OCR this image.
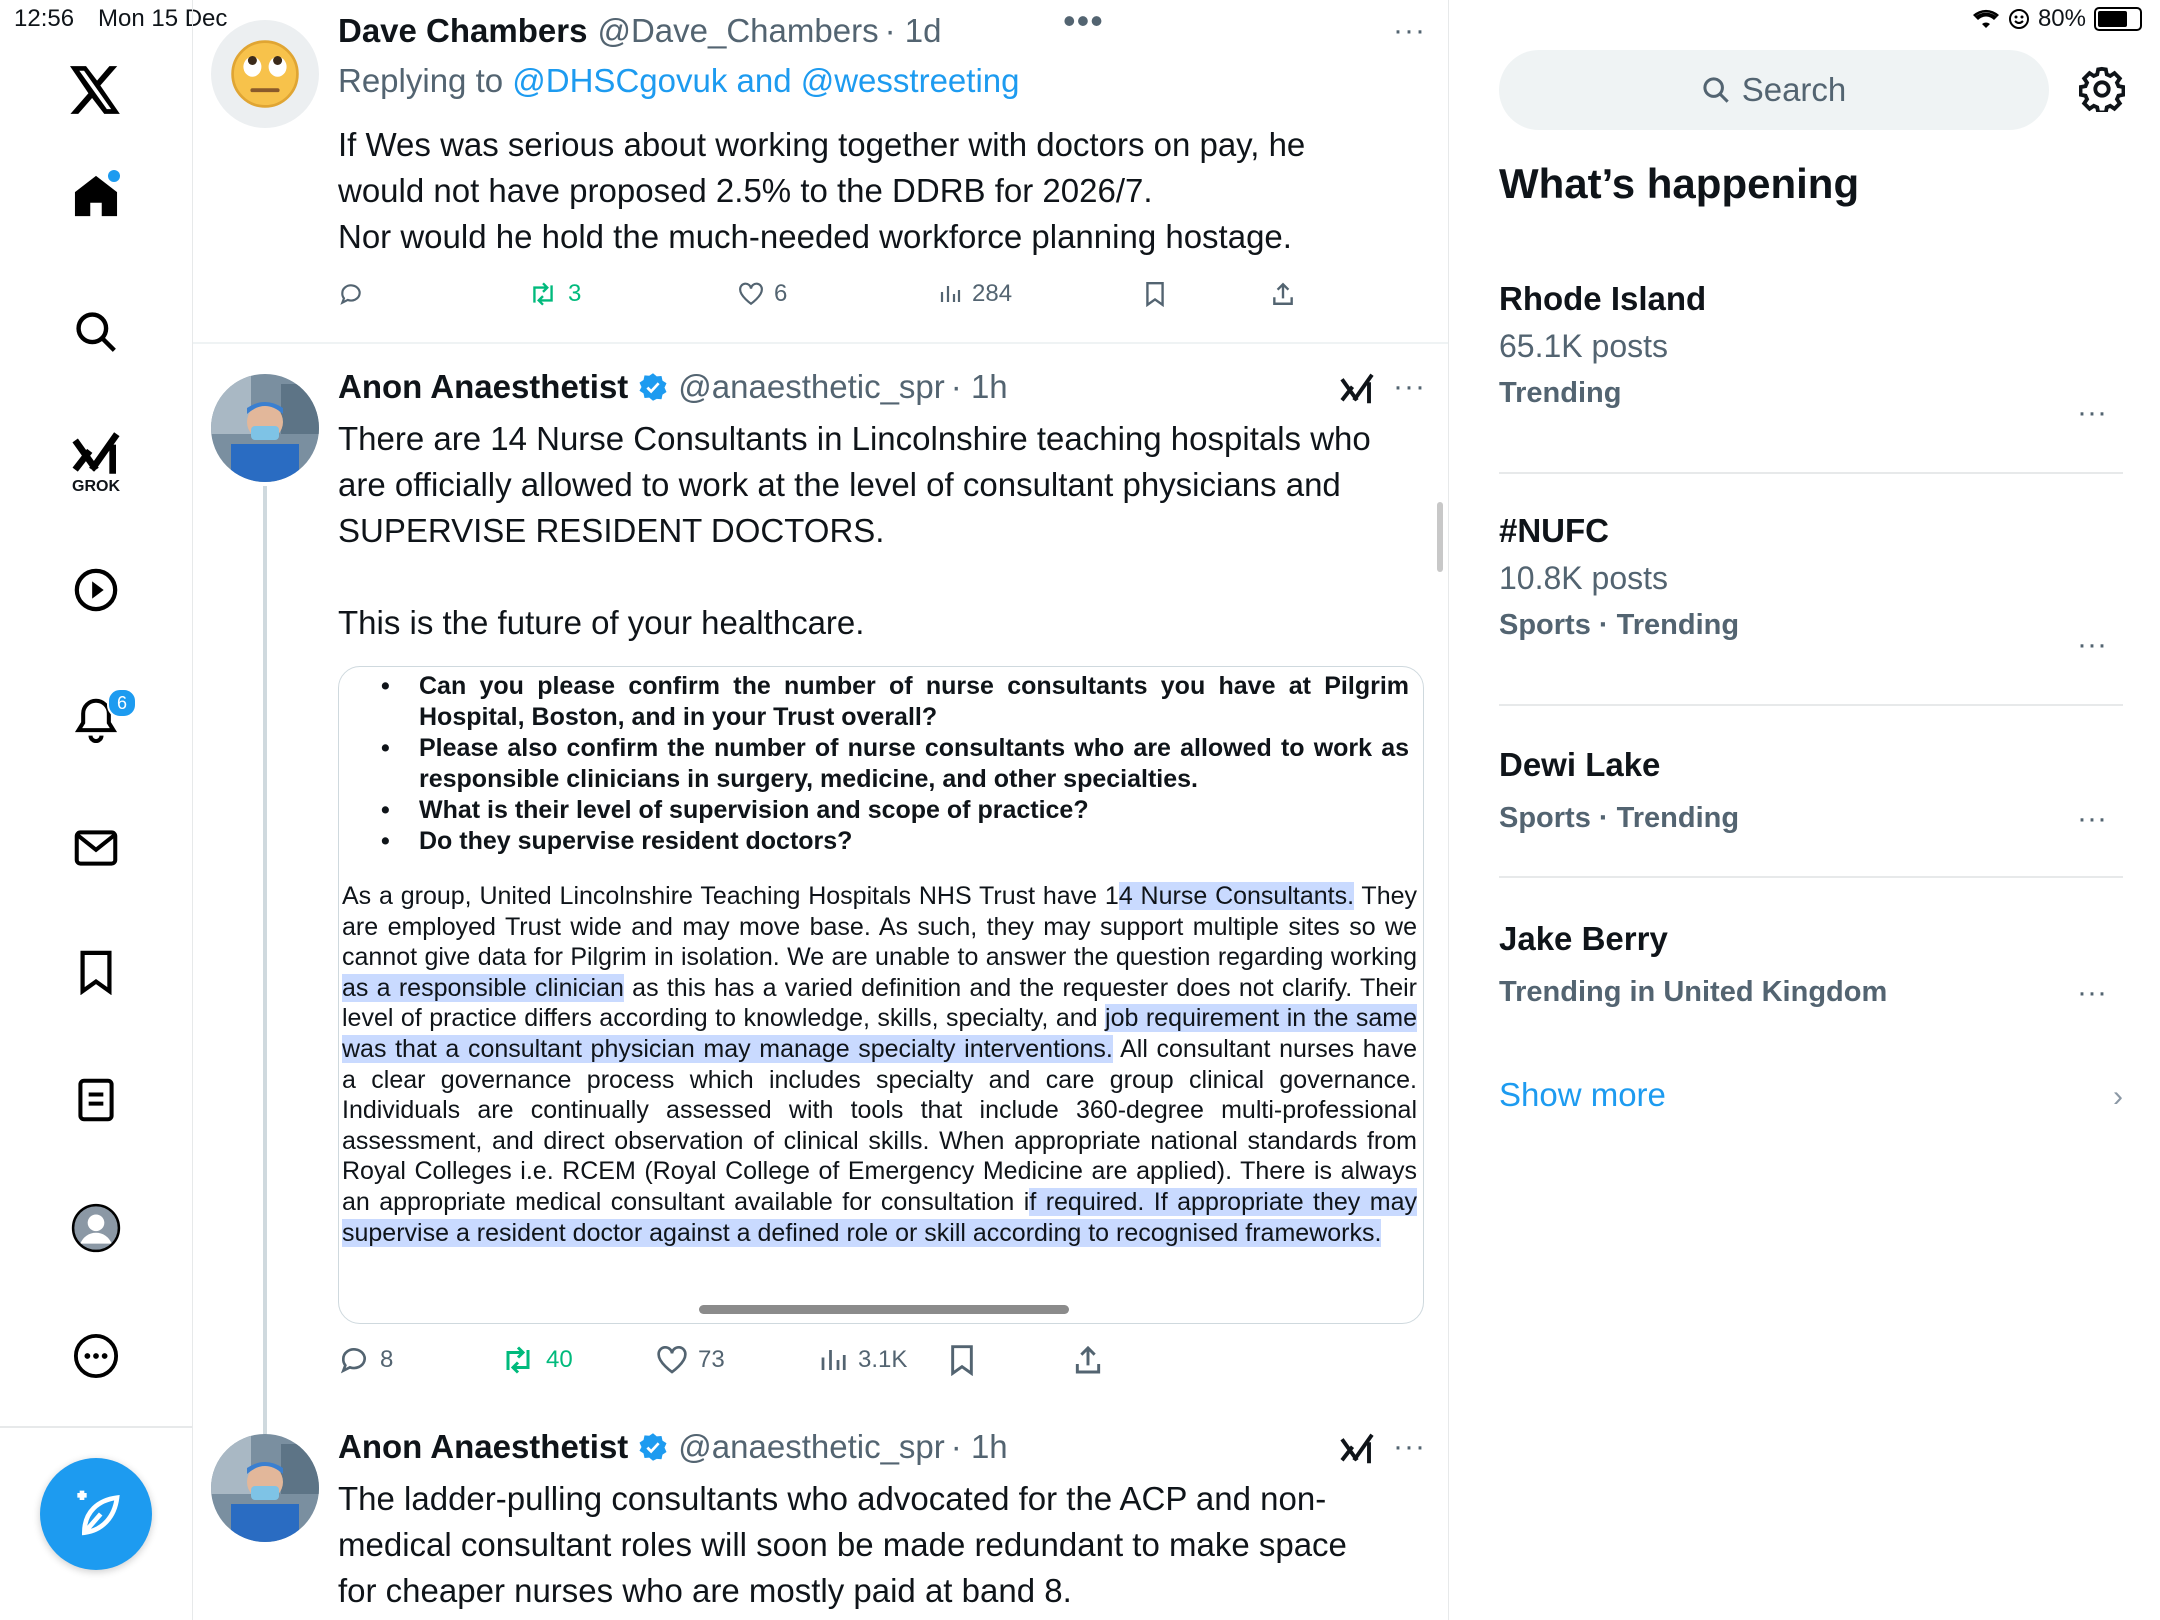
12:56 Mon 15 Dec	80%
GROK
6
Dave Chambers @Dave_Chambers · 1d	•••	···
Replying to @DHSCgovuk and @wesstreeting
If Wes was serious about working together with doctors on pay, he
would not have proposed 2.5% to the DDRB for 2026/7.
Nor would he hold the much-needed workforce planning hostage.
3	6	284
Anon Anaesthetist @anaesthetic_spr · 1h	···
There are 14 Nurse Consultants in Lincolnshire teaching hospitals who
are officially allowed to work at the level of consultant physicians and
SUPERVISE RESIDENT DOCTORS.

This is the future of your healthcare.
• Can you please confirm the number of nurse consultants you have at Pilgrim Hospital, Boston, and in your Trust overall?
• Please also confirm the number of nurse consultants who are allowed to work as responsible clinicians in surgery, medicine, and other specialties.
• What is their level of supervision and scope of practice?
• Do they supervise resident doctors?

As a group, United Lincolnshire Teaching Hospitals NHS Trust have 14 Nurse Consultants. They are employed Trust wide and may move base. As such, they may support multiple sites so we cannot give data for Pilgrim in isolation. We are unable to answer the question regarding working as a responsible clinician as this has a varied definition and the requester does not clarify. Their level of practice differs according to knowledge, skills, specialty, and job requirement in the same was that a consultant physician may manage specialty interventions. All consultant nurses have a clear governance process which includes specialty and care group clinical governance. Individuals are continually assessed with tools that include 360-degree multi-professional assessment, and direct observation of clinical skills. When appropriate national standards from Royal Colleges i.e. RCEM (Royal College of Emergency Medicine are applied). There is always an appropriate medical consultant available for consultation if required. If appropriate they may supervise a resident doctor against a defined role or skill according to recognised frameworks.

8	40	73	3.1K
Anon Anaesthetist @anaesthetic_spr · 1h	···
The ladder-pulling consultants who advocated for the ACP and non-
medical consultant roles will soon be made redundant to make space
for cheaper nurses who are mostly paid at band 8.
Search
What’s happening
Rhode Island
65.1K posts
Trending
···
#NUFC
10.8K posts
Sports · Trending
···
Dewi Lake
Sports · Trending	···
Jake Berry
Trending in United Kingdom	···
Show more	›
